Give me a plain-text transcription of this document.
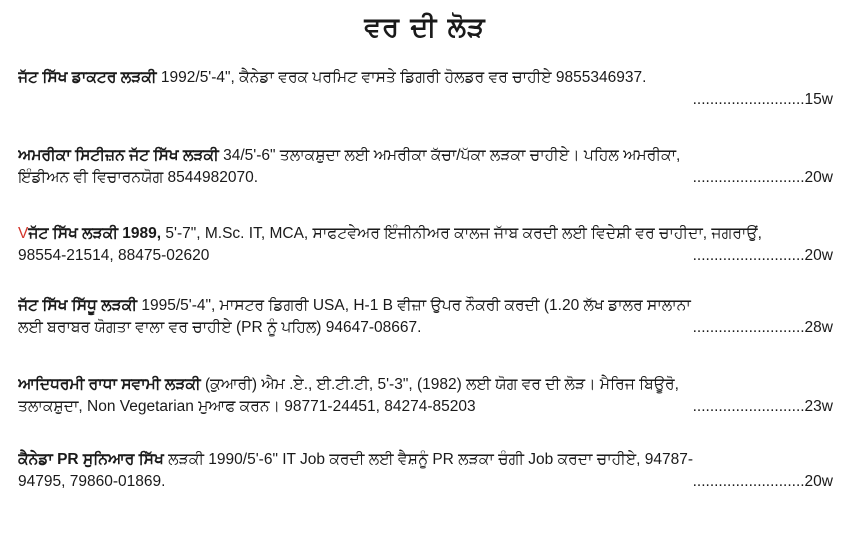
ਵਰ ਦੀ ਲੋੜ
ਜੱਟ ਸਿੱਖ ਡਾਕਟਰ ਲੜਕੀ 1992/5'-4", ਕੈਨੇਡਾ ਵਰਕ ਪਰਮਿਟ ਵਾਸਤੇ ਡਿਗਰੀ ਹੋਲਡਰ ਵਰ ਚਾਹੀਏ 9855346937.
..........................15w
ਅਮਰੀਕਾ ਸਿਟੀਜ਼ਨ ਜੱਟ ਸਿੱਖ ਲੜਕੀ 34/5'-6" ਤਲਾਕਸ਼ੁਦਾ ਲਈ ਅਮਰੀਕਾ ਕੱਚਾ/ਪੱਕਾ ਲੜਕਾ ਚਾਹੀਏ। ਪਹਿਲ ਅਮਰੀਕਾ,
ਇੰਡੀਅਨ ਵੀ ਵਿਚਾਰਨਯੋਗ 8544982070.	..........................20w
Vਜੱਟ ਸਿੱਖ ਲੜਕੀ 1989, 5'-7", M.Sc. IT, MCA, ਸਾਫਟਵੇਅਰ ਇੰਜੀਨੀਅਰ ਕਾਲਜ ਜਾੱਬ ਕਰਦੀ ਲਈ ਵਿਦੇਸ਼ੀ ਵਰ ਚਾਹੀਦਾ, ਜਗਰਾਉਂ,
98554-21514, 88475-02620	..........................20w
ਜੱਟ ਸਿੱਖ ਸਿੱਧੂ ਲੜਕੀ 1995/5'-4", ਮਾਸਟਰ ਡਿਗਰੀ USA, H-1 B ਵੀਜ਼ਾ ਉਪਰ ਨੌਕਰੀ ਕਰਦੀ (1.20 ਲੱਖ ਡਾਲਰ ਸਾਲਾਨਾ
ਲਈ ਬਰਾਬਰ ਯੋਗਤਾ ਵਾਲਾ ਵਰ ਚਾਹੀਏ (PR ਨੂੰ ਪਹਿਲ) 94647-08667.	..........................28w
ਆਦਿਧਰਮੀ ਰਾਧਾ ਸਵਾਮੀ ਲੜਕੀ (ਕੁਆਰੀ) ਐਮ .ਏ., ਈ.ਟੀ.ਟੀ, 5'-3", (1982) ਲਈ ਯੋਗ ਵਰ ਦੀ ਲੋੜ। ਮੈਰਿਜ ਬਿਊਰੋ,
ਤਲਾਕਸ਼ੁਦਾ, Non Vegetarian ਮੁਆਫ ਕਰਨ। 98771-24451, 84274-85203	..........................23w
ਕੈਨੇਡਾ PR ਸੁਨਿਆਰ ਸਿੱਖ ਲੜਕੀ 1990/5'-6" IT Job ਕਰਦੀ ਲਈ ਵੈਸ਼ਨੂੰ PR ਲੜਕਾ ਚੰਗੀ Job ਕਰਦਾ ਚਾਹੀਏ, 94787-
94795, 79860-01869.	..........................20w
